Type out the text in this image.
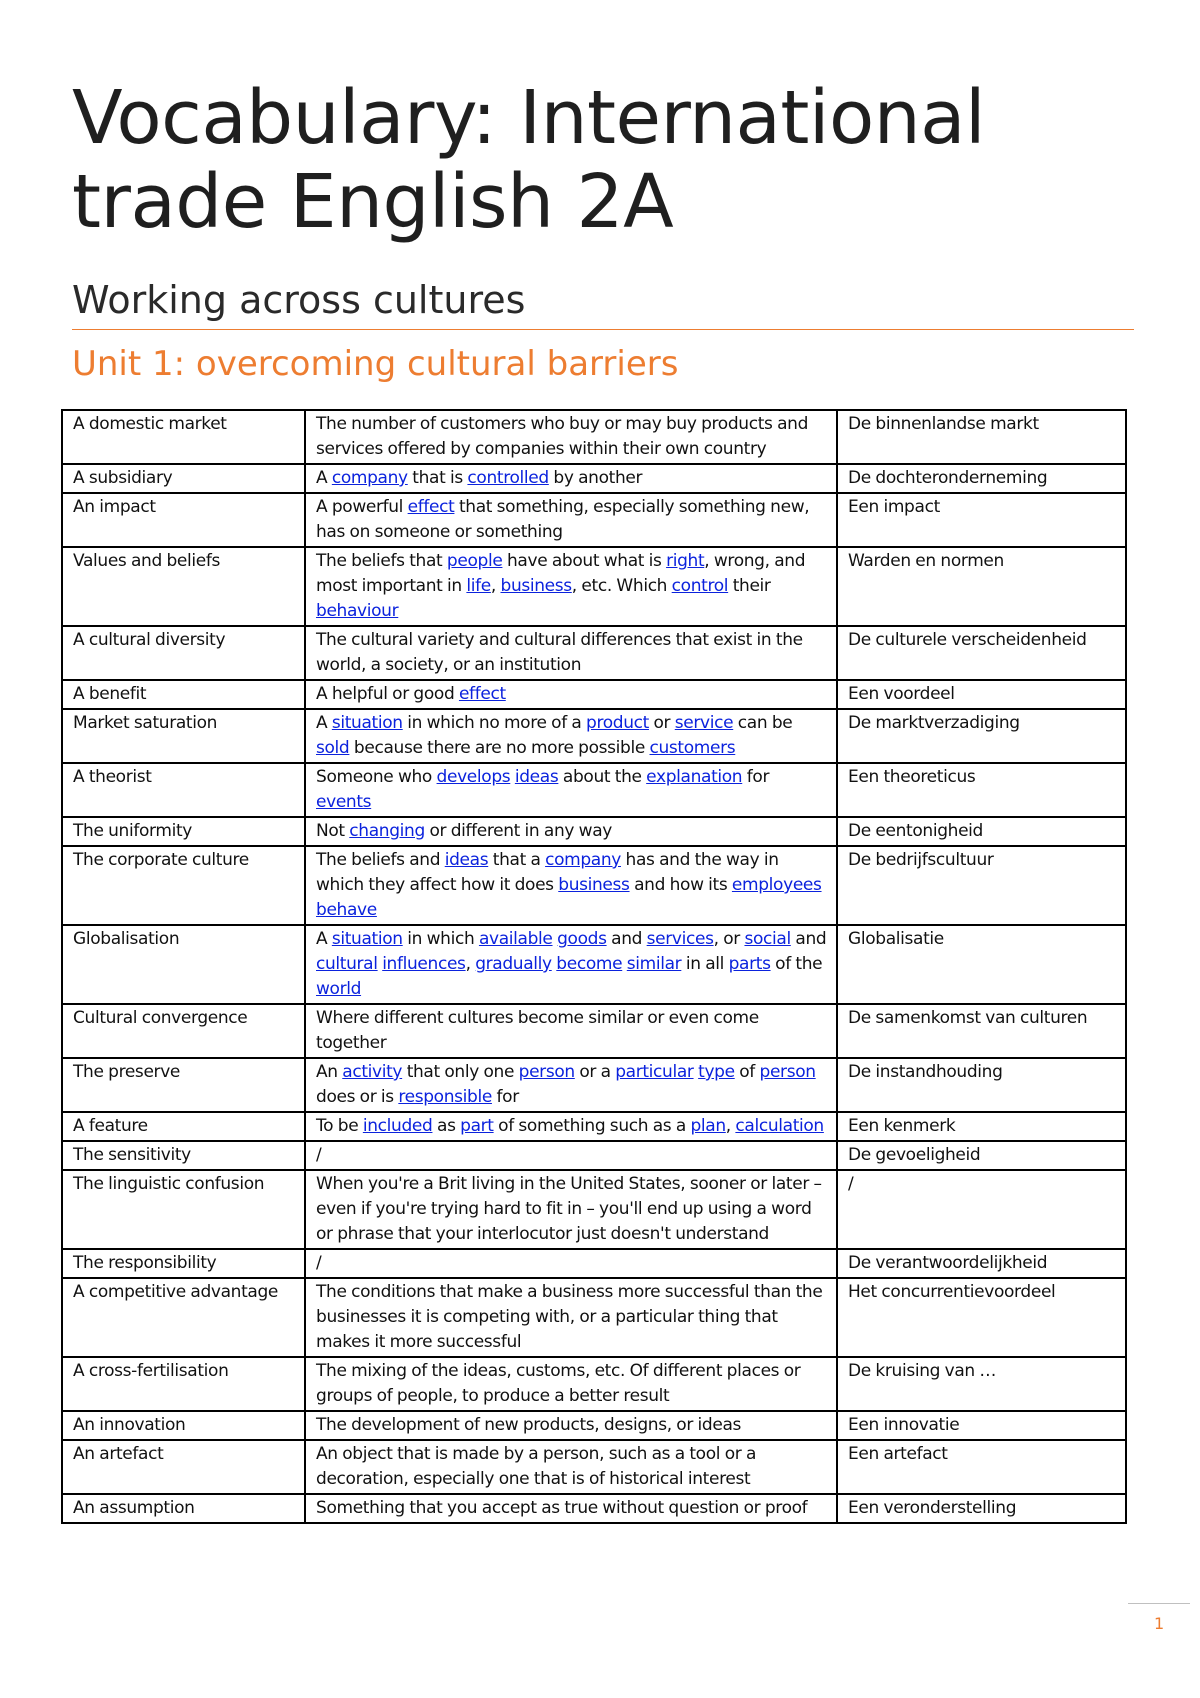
Vocabulary: International trade English 2A
Working across cultures
Unit 1: overcoming cultural barriers
A domestic market	The number of customers who buy or may buy products and services offered by companies within their own country	De binnenlandse markt
A subsidiary	A company that is controlled by another	De dochteronderneming
An impact	A powerful effect that something, especially something new, has on someone or something	Een impact
Values and beliefs	The beliefs that people have about what is right, wrong, and most important in life, business, etc. Which control their behaviour	Warden en normen
A cultural diversity	The cultural variety and cultural differences that exist in the world, a society, or an institution	De culturele verscheidenheid
A benefit	A helpful or good effect	Een voordeel
Market saturation	A situation in which no more of a product or service can be sold because there are no more possible customers	De marktverzadiging
A theorist	Someone who develops ideas about the explanation for events	Een theoreticus
The uniformity	Not changing or different in any way	De eentonigheid
The corporate culture	The beliefs and ideas that a company has and the way in which they affect how it does business and how its employees behave	De bedrijfscultuur
Globalisation	A situation in which available goods and services, or social and cultural influences, gradually become similar in all parts of the world	Globalisatie
Cultural convergence	Where different cultures become similar or even come together	De samenkomst van culturen
The preserve	An activity that only one person or a particular type of person does or is responsible for	De instandhouding
A feature	To be included as part of something such as a plan, calculation	Een kenmerk
The sensitivity	/	De gevoeligheid
The linguistic confusion	When you're a Brit living in the United States, sooner or later – even if you're trying hard to fit in – you'll end up using a word or phrase that your interlocutor just doesn't understand	/
The responsibility	/	De verantwoordelijkheid
A competitive advantage	The conditions that make a business more successful than the businesses it is competing with, or a particular thing that makes it more successful	Het concurrentievoordeel
A cross-fertilisation	The mixing of the ideas, customs, etc. Of different places or groups of people, to produce a better result	De kruising van …
An innovation	The development of new products, designs, or ideas	Een innovatie
An artefact	An object that is made by a person, such as a tool or a decoration, especially one that is of historical interest	Een artefact
An assumption	Something that you accept as true without question or proof	Een veronderstelling
1
